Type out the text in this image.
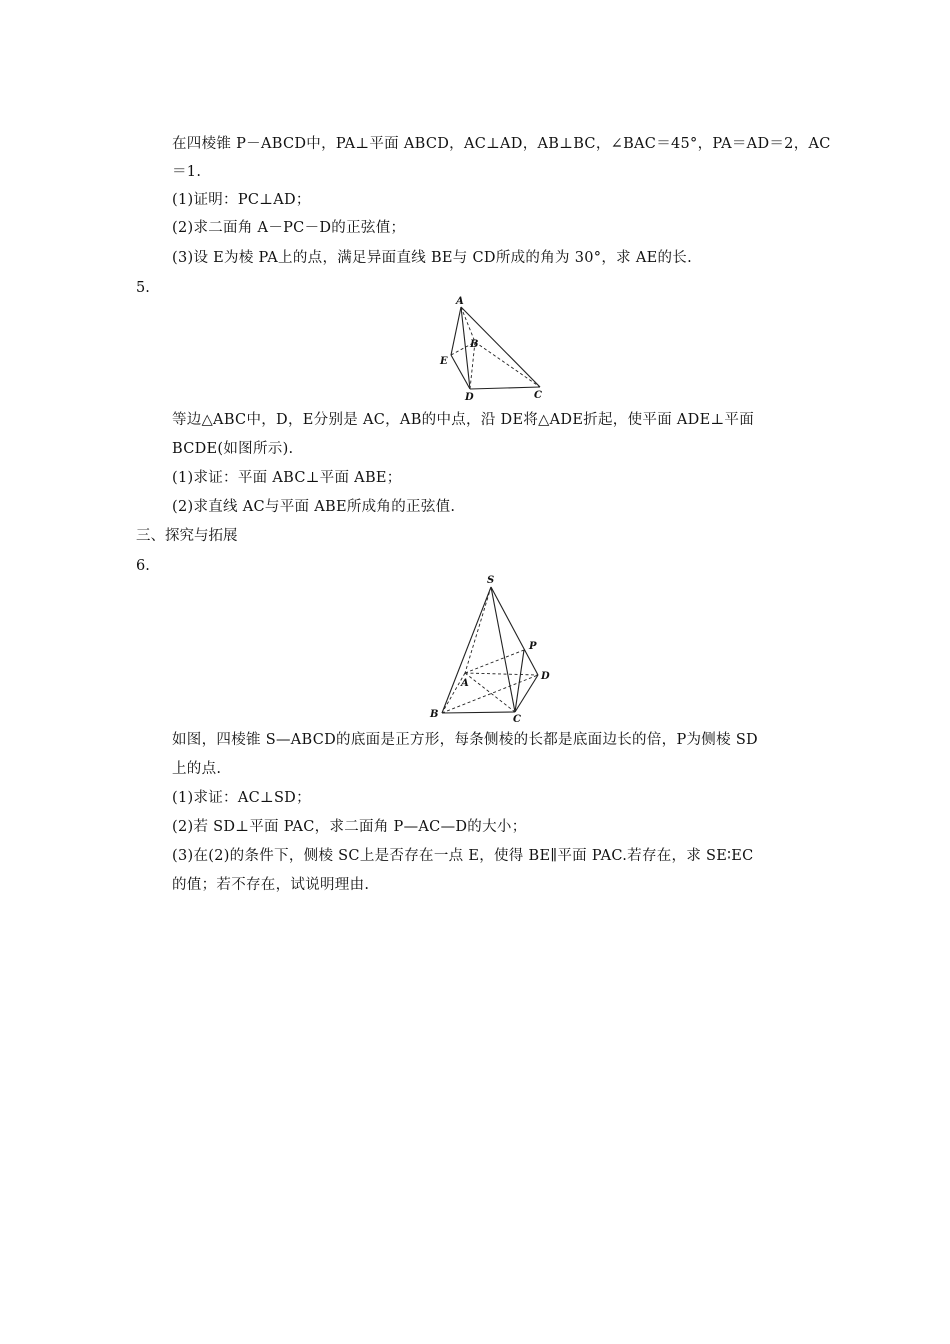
在四棱锥 P－ABCD中，PA⊥平面 ABCD，AC⊥AD，AB⊥BC，∠BAC＝45°，PA＝AD＝2，AC
＝1.
(1)证明：PC⊥AD；
(2)求二面角 A－PC－D的正弦值；
(3)设 E为棱 PA上的点，满足异面直线 BE与 CD所成的角为 30°，求 AE的长.
5.
A
B
C
D
E
等边△ABC中，D，E分别是 AC，AB的中点，沿 DE将△ADE折起，使平面 ADE⊥平面
BCDE(如图所示).
(1)求证：平面 ABC⊥平面 ABE；
(2)求直线 AC与平面 ABE所成角的正弦值.
三、探究与拓展
6.
S
P
A
D
B	C
如图，四棱锥 S—ABCD的底面是正方形，每条侧棱的长都是底面边长的倍，P为侧棱 SD
上的点.
(1)求证：AC⊥SD；
(2)若 SD⊥平面 PAC，求二面角 P—AC—D的大小；
(3)在(2)的条件下，侧棱 SC上是否存在一点 E，使得 BE∥平面 PAC.若存在，求 SE∶EC
的值；若不存在，试说明理由.
